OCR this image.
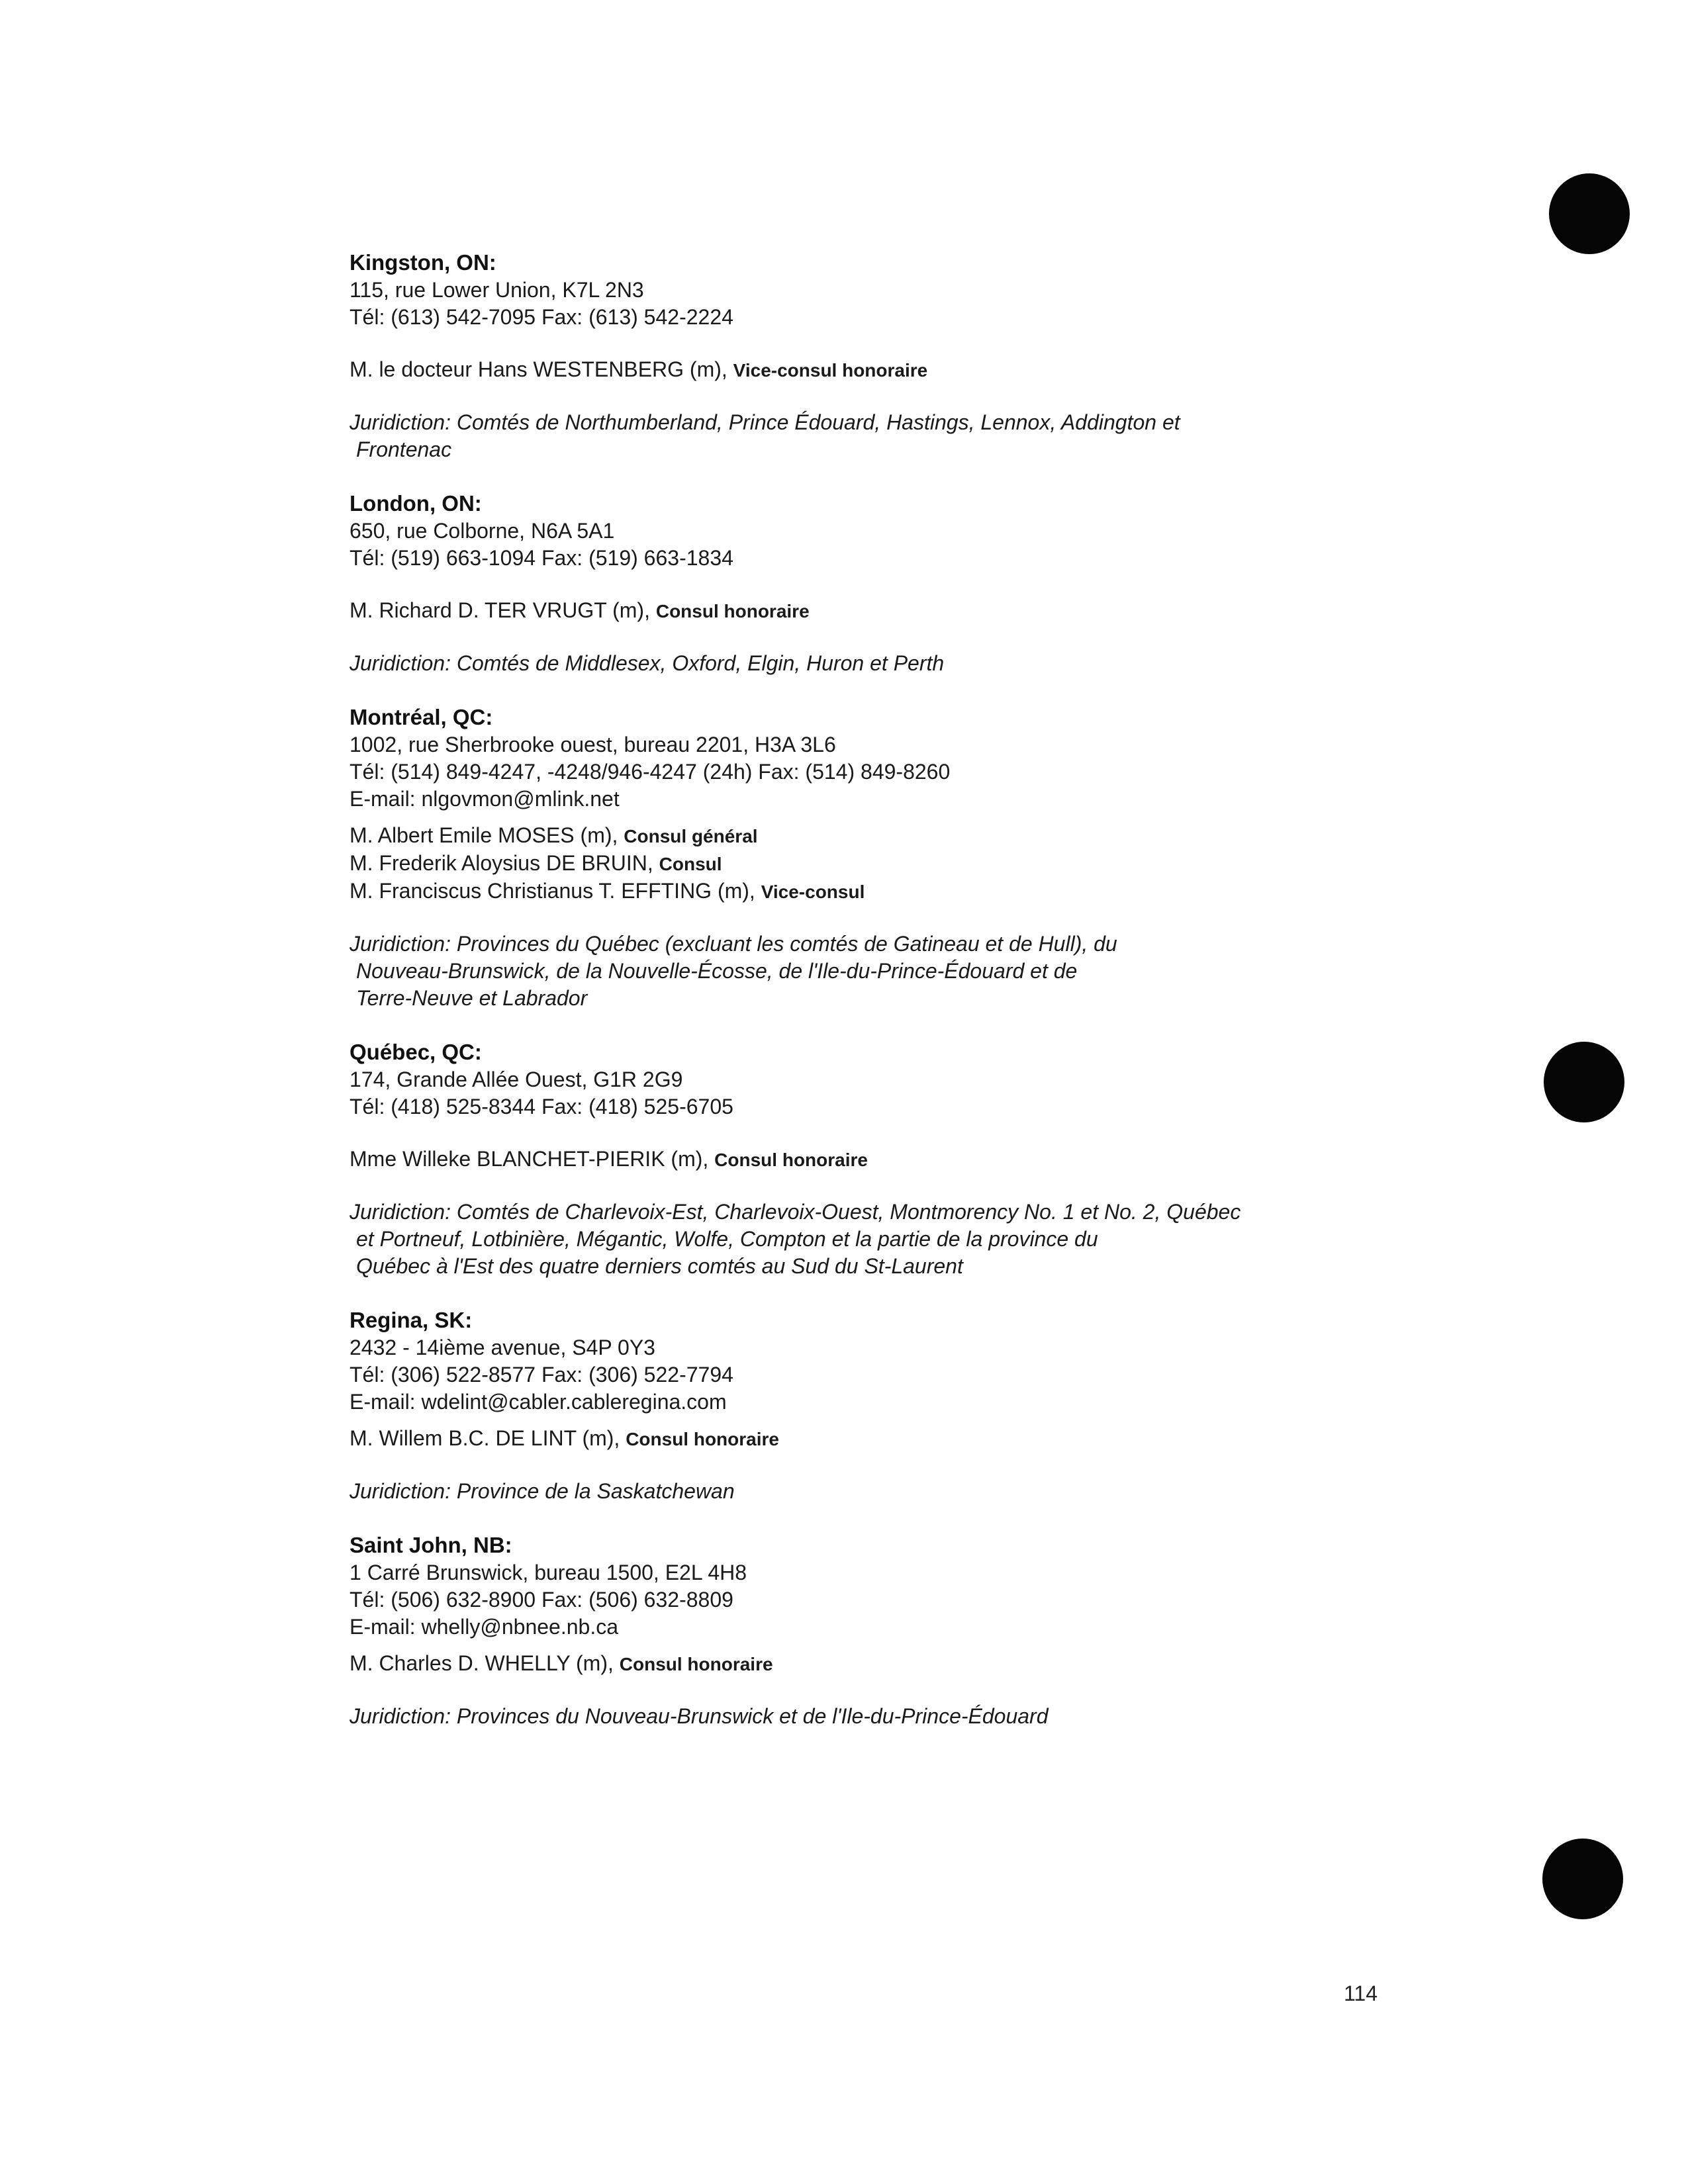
Kingston, ON:

115, rue Lower Union, K7L 2N3

Tél: (613) 542-7095 Fax: (613) 542-2224

M. le docteur Hans WESTENBERG (m), Vice-consul honoraire

Juridiction: Comtés de Northumberland, Prince Édouard, Hastings, Lennox, Addington et
Frontenac

London, ON:

650, rue Colborne, N6A 5A1

Tél: (519) 663-1094 Fax: (519) 663-1834

M. Richard D. TER VRUGT (m), Consul honoraire

Juridiction: Comtés de Middlesex, Oxford, Elgin, Huron et Perth

Montréal, QC:

1002, rue Sherbrooke ouest, bureau 2201, H3A 3L6

Tél: (514) 849-4247, -4248/946-4247 (24h) Fax: (514) 849-8260

E-mail: nlgovmon@mlink.net

M. Albert Emile MOSES (m), Consul général

M. Frederik Aloysius DE BRUIN, Consul

M. Franciscus Christianus T. EFFTING (m), Vice-consul

Juridiction: Provinces du Québec (excluant les comtés de Gatineau et de Hull), du
Nouveau-Brunswick, de la Nouvelle-Écosse, de l'Ile-du-Prince-Édouard et de
Terre-Neuve et Labrador

Québec, QC:

174, Grande Allée Ouest, G1R 2G9

Tél: (418) 525-8344 Fax: (418) 525-6705

Mme Willeke BLANCHET-PIERIK (m), Consul honoraire

Juridiction: Comtés de Charlevoix-Est, Charlevoix-Ouest, Montmorency No. 1 et No. 2, Québec
et Portneuf, Lotbinière, Mégantic, Wolfe, Compton et la partie de la province du
Québec à l'Est des quatre derniers comtés au Sud du St-Laurent

Regina, SK:

2432 - 14ième avenue, S4P 0Y3

Tél: (306) 522-8577 Fax: (306) 522-7794

E-mail: wdelint@cabler.cableregina.com

M. Willem B.C. DE LINT (m), Consul honoraire

Juridiction: Province de la Saskatchewan

Saint John, NB:

1 Carré Brunswick, bureau 1500, E2L 4H8

Tél: (506) 632-8900 Fax: (506) 632-8809

E-mail: whelly@nbnee.nb.ca

M. Charles D. WHELLY (m), Consul honoraire

Juridiction: Provinces du Nouveau-Brunswick et de l'Ile-du-Prince-Édouard
114
